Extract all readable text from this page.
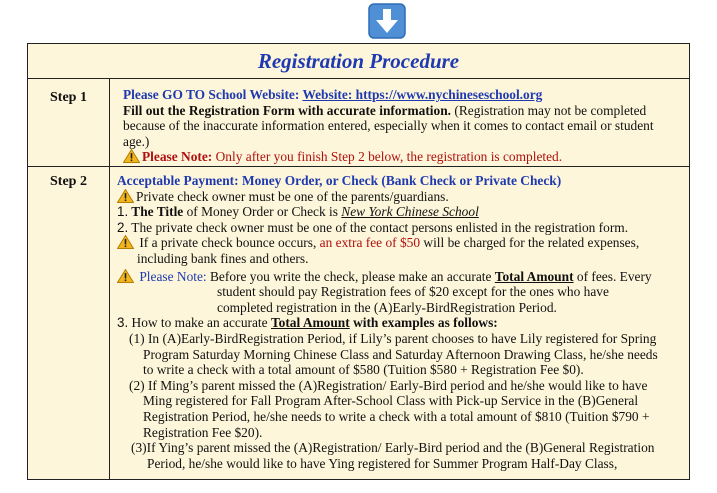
Registration Procedure
Step 1	Please GO TO School Website: Website: https://www.nychineseschool.org

Fill out the Registration Form with accurate information. (Registration may not be completed

because of the inaccurate information entered, especially when it comes to contact email or student

age.)

Please Note: Only after you finish Step 2 below, the registration is completed.

Step 2	Acceptable Payment: Money Order, or Check (Bank Check or Private Check)

Private check owner must be one of the parents/guardians.

1. The Title of Money Order or Check is New York Chinese School

2. The private check owner must be one of the contact persons enlisted in the registration form.

If a private check bounce occurs, an extra fee of $50 will be charged for the related expenses,

including bank fines and others.

Please Note: Before you write the check, please make an accurate Total Amount of fees. Every

student should pay Registration fees of $20 except for the ones who have

completed registration in the (A)Early-BirdRegistration Period.

3. How to make an accurate Total Amount with examples as follows:

(1) In (A)Early-BirdRegistration Period, if Lily’s parent chooses to have Lily registered for Spring

Program Saturday Morning Chinese Class and Saturday Afternoon Drawing Class, he/she needs

to write a check with a total amount of $580 (Tuition $580 + Registration Fee $0).

(2) If Ming’s parent missed the (A)Registration/ Early-Bird period and he/she would like to have

Ming registered for Fall Program After-School Class with Pick-up Service in the (B)General

Registration Period, he/she needs to write a check with a total amount of $810 (Tuition $790 +

Registration Fee $20).

(3)If Ying’s parent missed the (A)Registration/ Early-Bird period and the (B)General Registration

Period, he/she would like to have Ying registered for Summer Program Half-Day Class,
